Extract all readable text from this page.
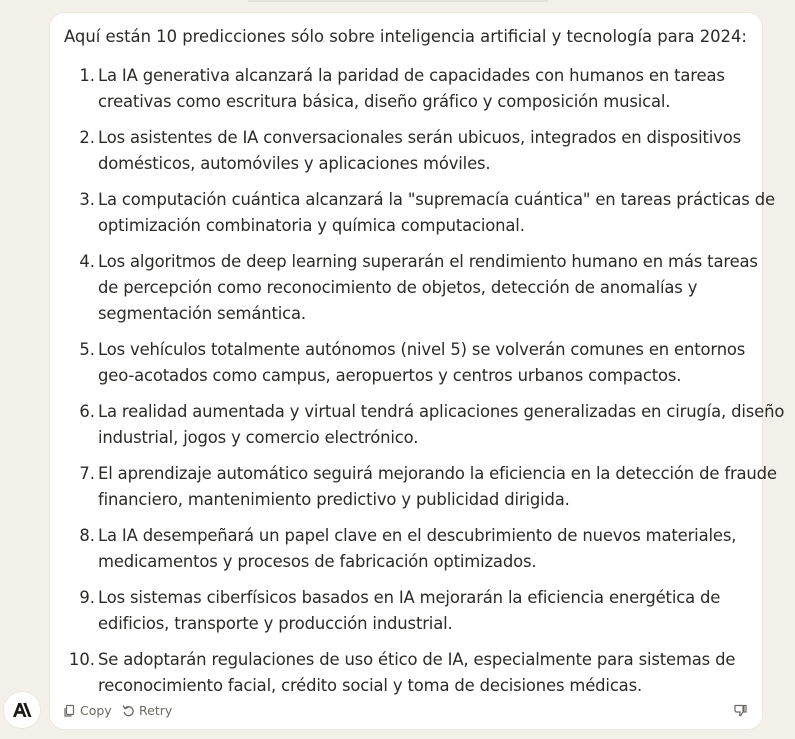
Aquí están 10 predicciones sólo sobre inteligencia artificial y tecnología para 2024:
1. La IA generativa alcanzará la paridad de capacidades con humanos en tareas
creativas como escritura básica, diseño gráfico y composición musical.
2. Los asistentes de IA conversacionales serán ubicuos, integrados en dispositivos
domésticos, automóviles y aplicaciones móviles.
3. La computación cuántica alcanzará la "supremacía cuántica" en tareas prácticas de
optimización combinatoria y química computacional.
4. Los algoritmos de deep learning superarán el rendimiento humano en más tareas
de percepción como reconocimiento de objetos, detección de anomalías y
segmentación semántica.
5. Los vehículos totalmente autónomos (nivel 5) se volverán comunes en entornos
geo-acotados como campus, aeropuertos y centros urbanos compactos.
6. La realidad aumentada y virtual tendrá aplicaciones generalizadas en cirugía, diseño
industrial, jogos y comercio electrónico.
7. El aprendizaje automático seguirá mejorando la eficiencia en la detección de fraude
financiero, mantenimiento predictivo y publicidad dirigida.
8. La IA desempeñará un papel clave en el descubrimiento de nuevos materiales,
medicamentos y procesos de fabricación optimizados.
9. Los sistemas ciberfísicos basados en IA mejorarán la eficiencia energética de
edificios, transporte y producción industrial.
10. Se adoptarán regulaciones de uso ético de IA, especialmente para sistemas de
reconocimiento facial, crédito social y toma de decisiones médicas.
Copy Retry
